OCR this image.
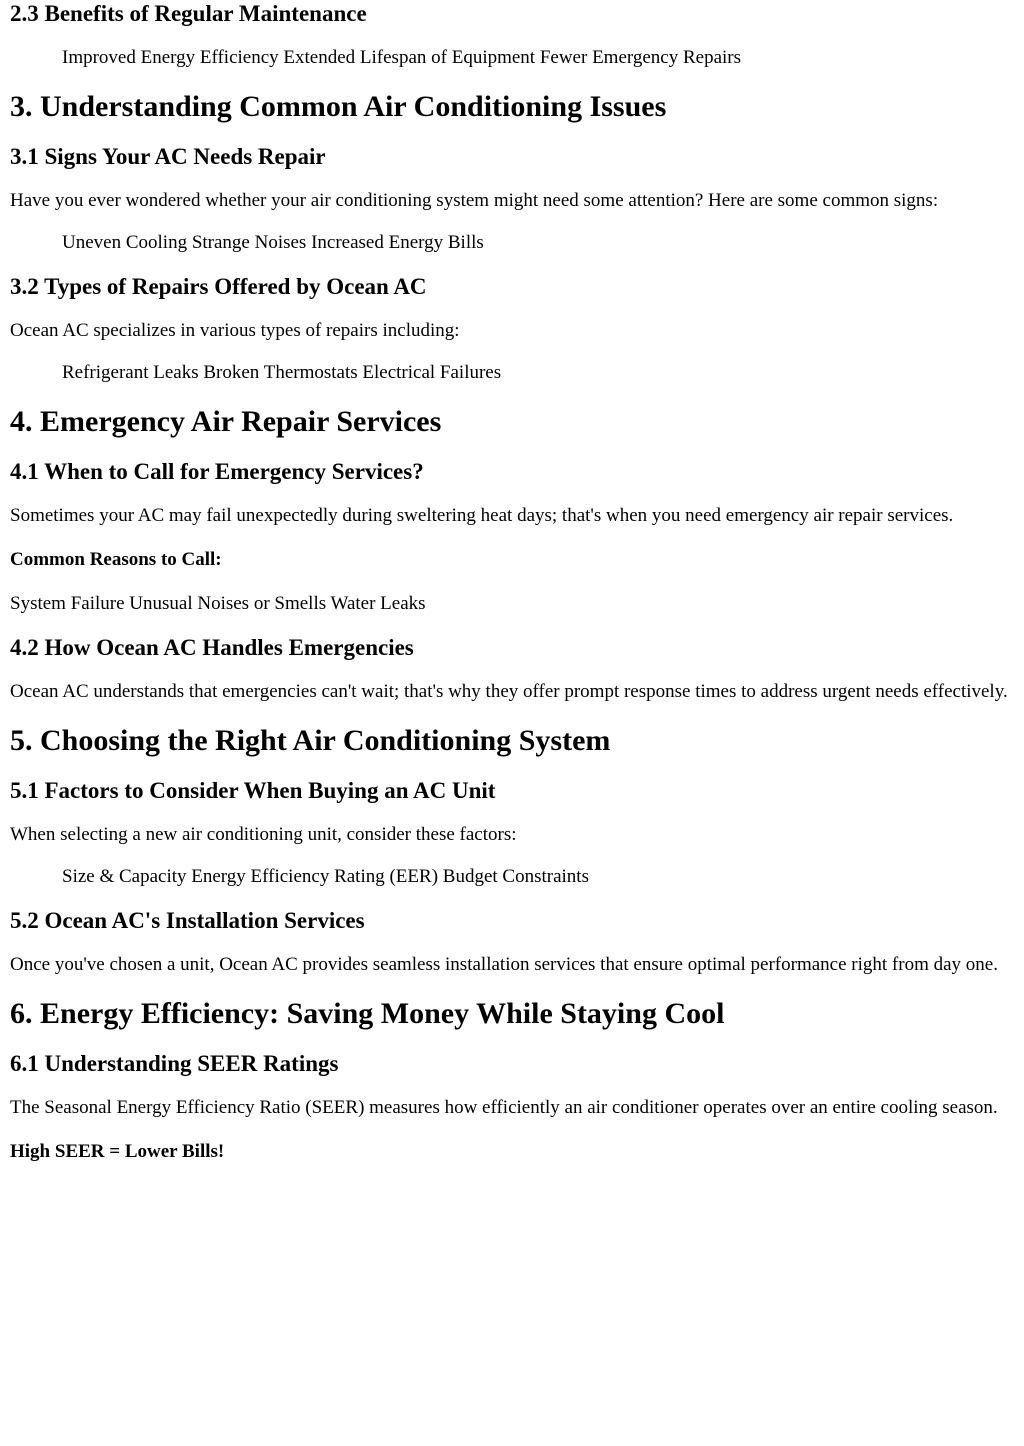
2.3 Benefits of Regular Maintenance
Improved Energy Efficiency Extended Lifespan of Equipment Fewer Emergency Repairs
3. Understanding Common Air Conditioning Issues
3.1 Signs Your AC Needs Repair

Have you ever wondered whether your air conditioning system might need some attention? Here are some common signs:

Uneven Cooling Strange Noises Increased Energy Bills
3.2 Types of Repairs Offered by Ocean AC

Ocean AC specializes in various types of repairs including:

Refrigerant Leaks Broken Thermostats Electrical Failures
4. Emergency Air Repair Services
4.1 When to Call for Emergency Services?

Sometimes your AC may fail unexpectedly during sweltering heat days; that's when you need emergency air repair services.

Common Reasons to Call:
System Failure Unusual Noises or Smells Water Leaks
4.2 How Ocean AC Handles Emergencies

Ocean AC understands that emergencies can't wait; that's why they offer prompt response times to address urgent needs effectively.

5. Choosing the Right Air Conditioning System
5.1 Factors to Consider When Buying an AC Unit

When selecting a new air conditioning unit, consider these factors:

Size & Capacity Energy Efficiency Rating (EER) Budget Constraints
5.2 Ocean AC's Installation Services

Once you've chosen a unit, Ocean AC provides seamless installation services that ensure optimal performance right from day one.

6. Energy Efficiency: Saving Money While Staying Cool
6.1 Understanding SEER Ratings

The Seasonal Energy Efficiency Ratio (SEER) measures how efficiently an air conditioner operates over an entire cooling season.

High SEER = Lower Bills!
